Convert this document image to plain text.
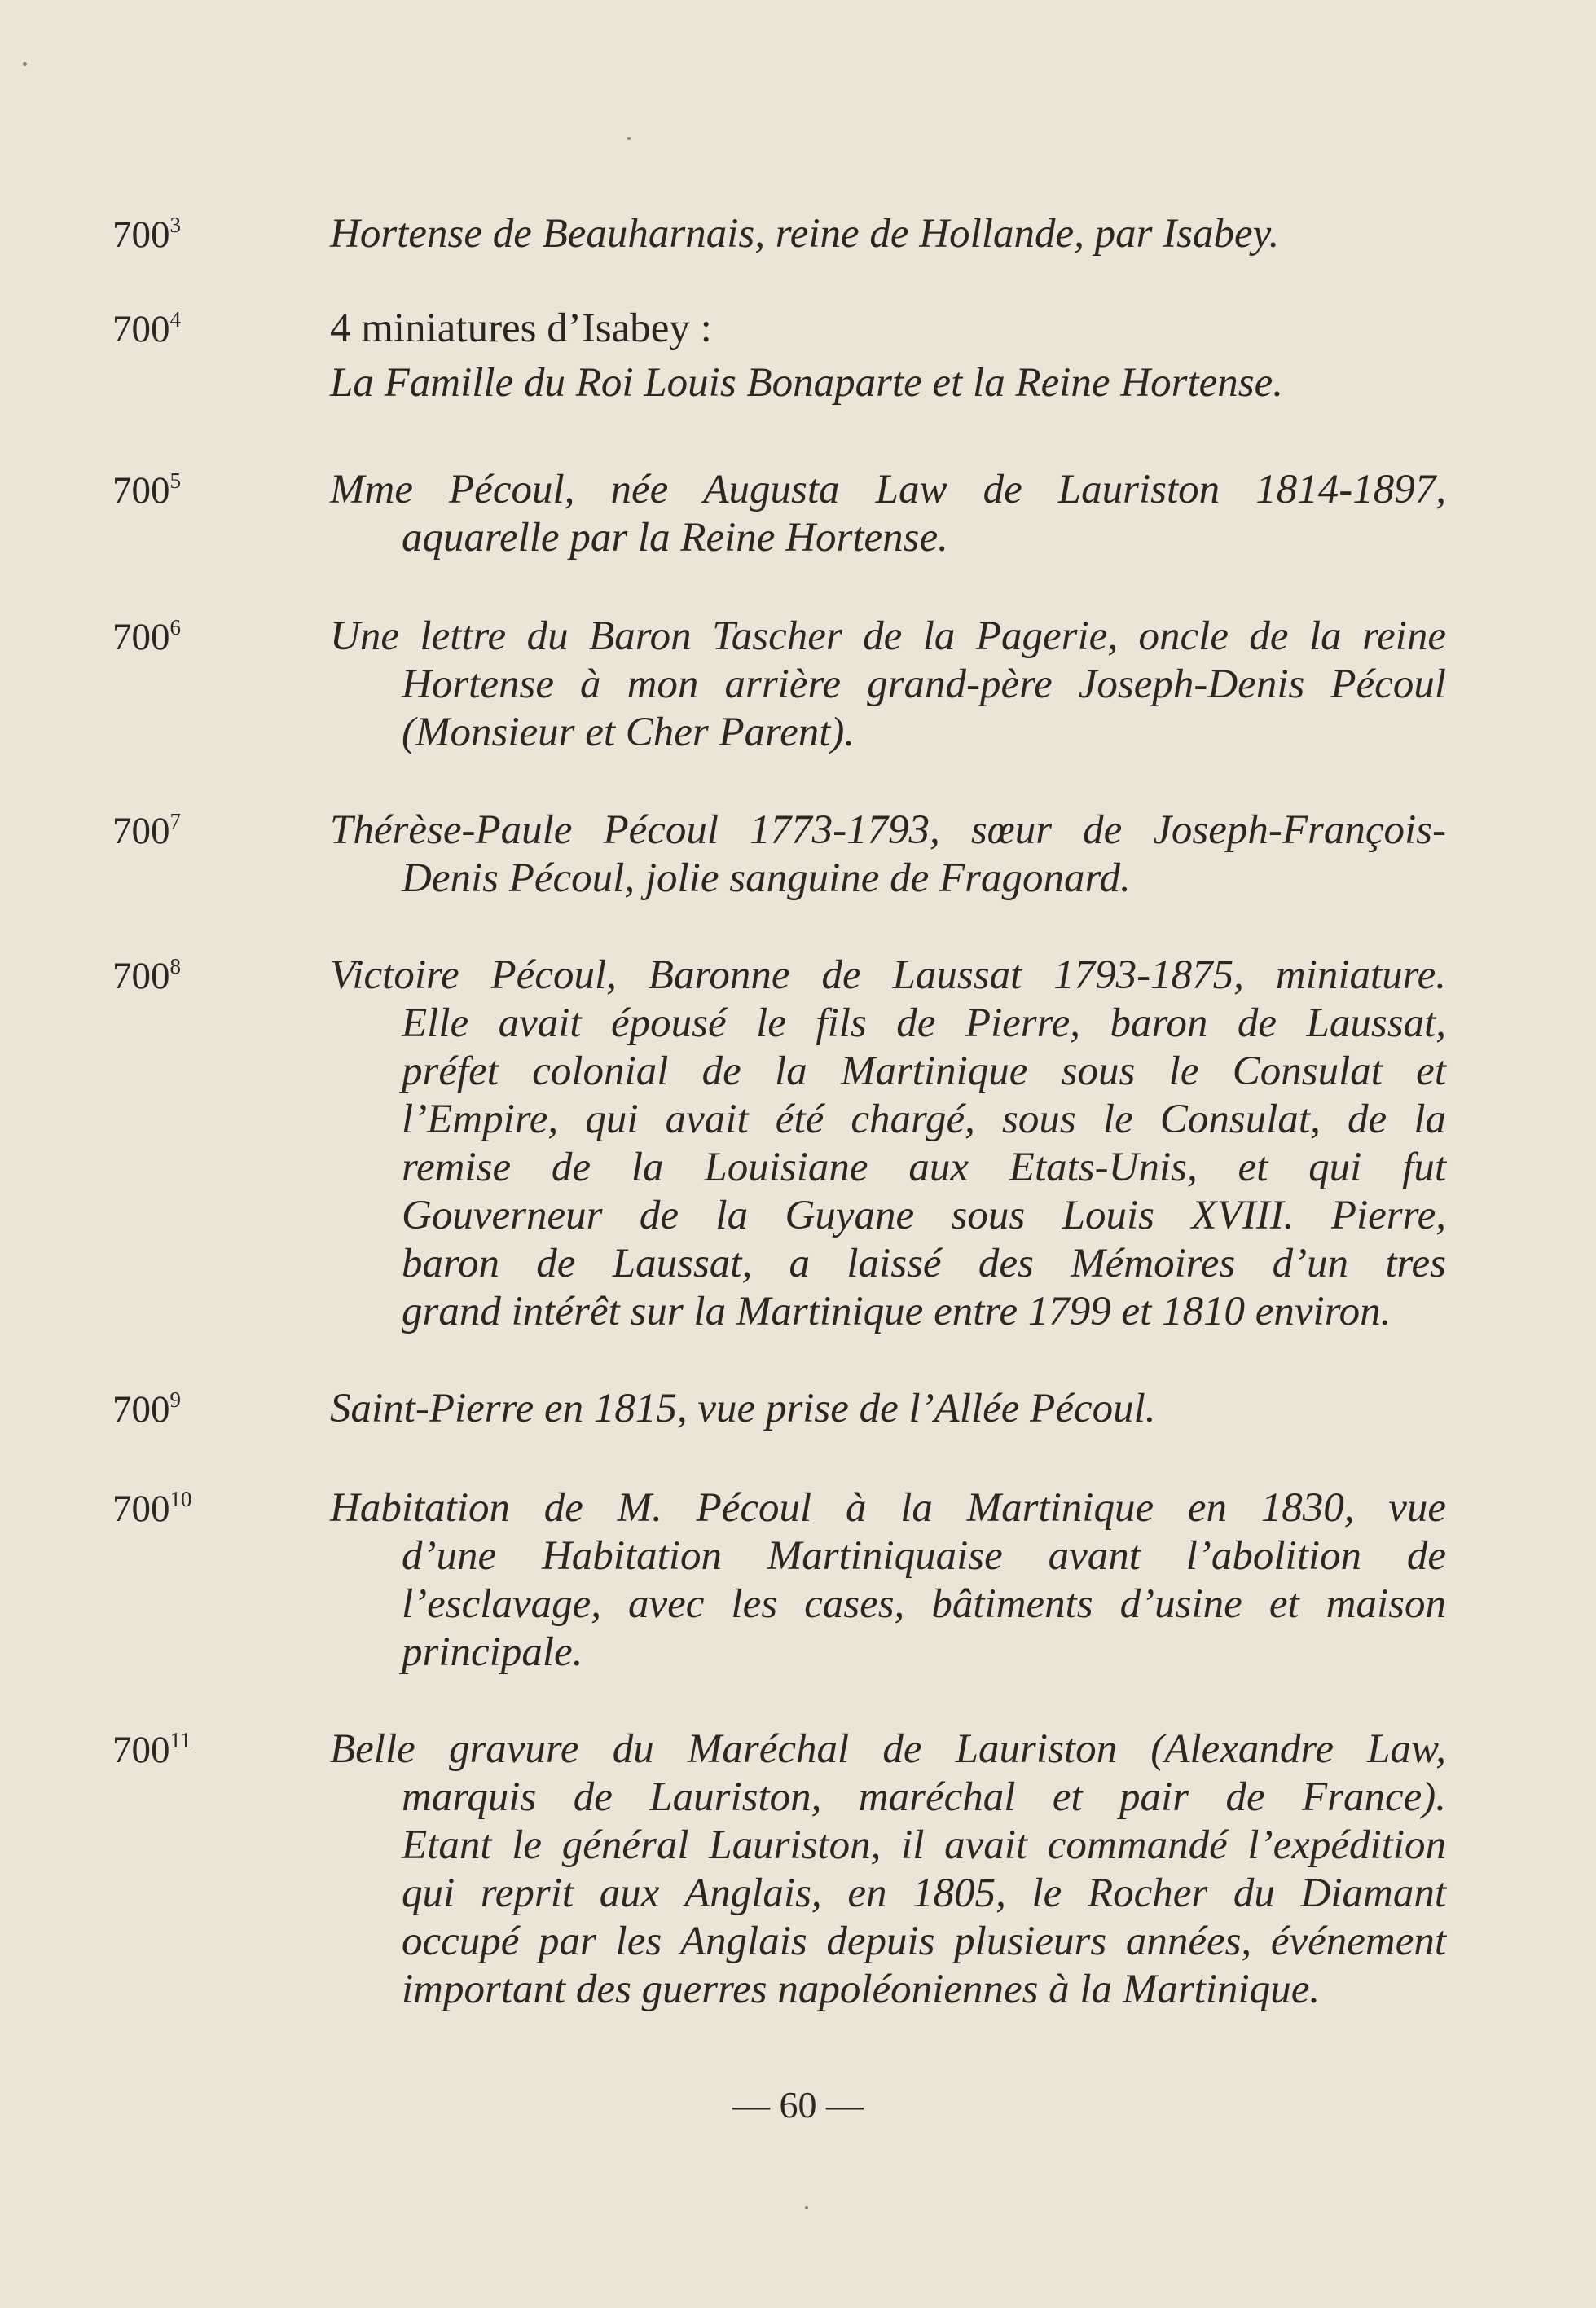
$700^3$	Hortense de Beauharnais, reine de Hollande, par Isabey.
$700^4$	4 miniatures d’Isabey :
La Famille du Roi Louis Bonaparte et la Reine Hortense.
$700^5$	Mme Pécoul, née Augusta Law de Lauriston 1814-1897,
aquarelle par la Reine Hortense.
$700^6$	Une lettre du Baron Tascher de la Pagerie, oncle de la reine
Hortense à mon arrière grand-père Joseph-Denis Pécoul
(Monsieur et Cher Parent).
$700^7$	Thérèse-Paule Pécoul 1773-1793, sœur de Joseph-François-
Denis Pécoul, jolie sanguine de Fragonard.
$700^8$	Victoire Pécoul, Baronne de Laussat 1793-1875, miniature.
Elle avait épousé le fils de Pierre, baron de Laussat,
préfet colonial de la Martinique sous le Consulat et
l’Empire, qui avait été chargé, sous le Consulat, de la
remise de la Louisiane aux Etats-Unis, et qui fut
Gouverneur de la Guyane sous Louis XVIII. Pierre,
baron de Laussat, a laissé des Mémoires d’un tres
grand intérêt sur la Martinique entre 1799 et 1810 environ.
$700^9$	Saint-Pierre en 1815, vue prise de l’Allée Pécoul.
$700^{10}$	Habitation de M. Pécoul à la Martinique en 1830, vue
d’une Habitation Martiniquaise avant l’abolition de
l’esclavage, avec les cases, bâtiments d’usine et maison
principale.
$700^{11}$	Belle gravure du Maréchal de Lauriston (Alexandre Law,
marquis de Lauriston, maréchal et pair de France).
Etant le général Lauriston, il avait commandé l’expédition
qui reprit aux Anglais, en 1805, le Rocher du Diamant
occupé par les Anglais depuis plusieurs années, événement
important des guerres napoléoniennes à la Martinique.
— 60 —
